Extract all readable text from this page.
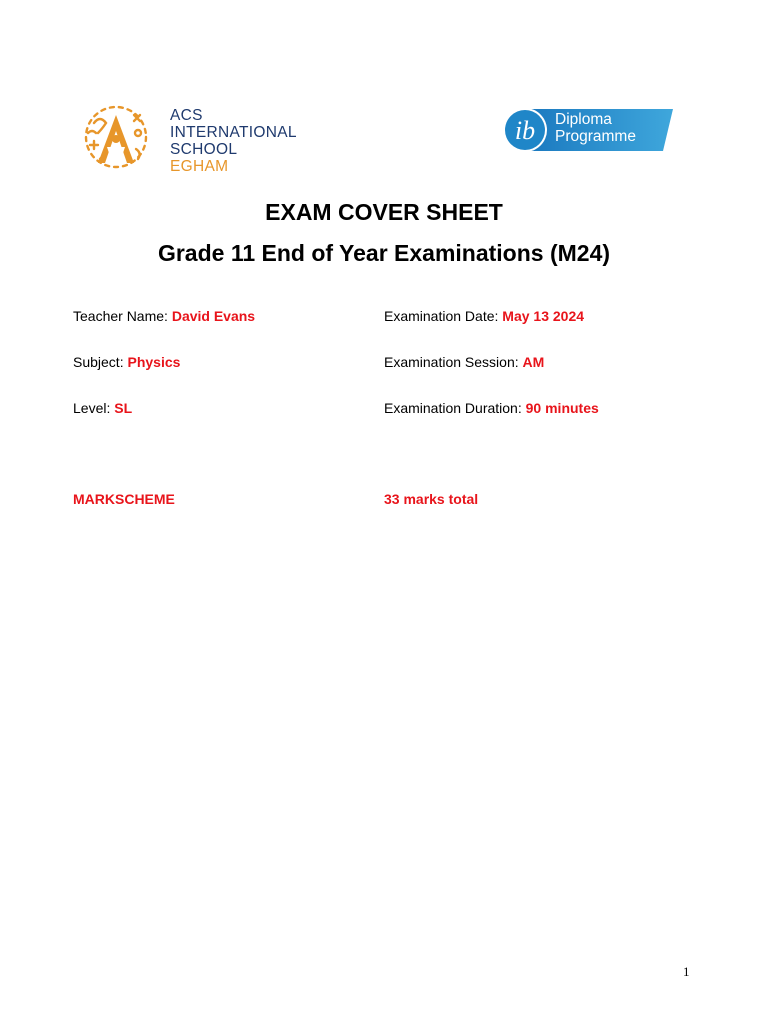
ACS
INTERNATIONAL
SCHOOL
EGHAM
ib Diploma
Programme
EXAM COVER SHEET
Grade 11 End of Year Examinations (M24)
Teacher Name: David Evans	Examination Date: May 13 2024
Subject: Physics	Examination Session: AM
Level: SL	Examination Duration: 90 minutes
MARKSCHEME	33 marks total
1
